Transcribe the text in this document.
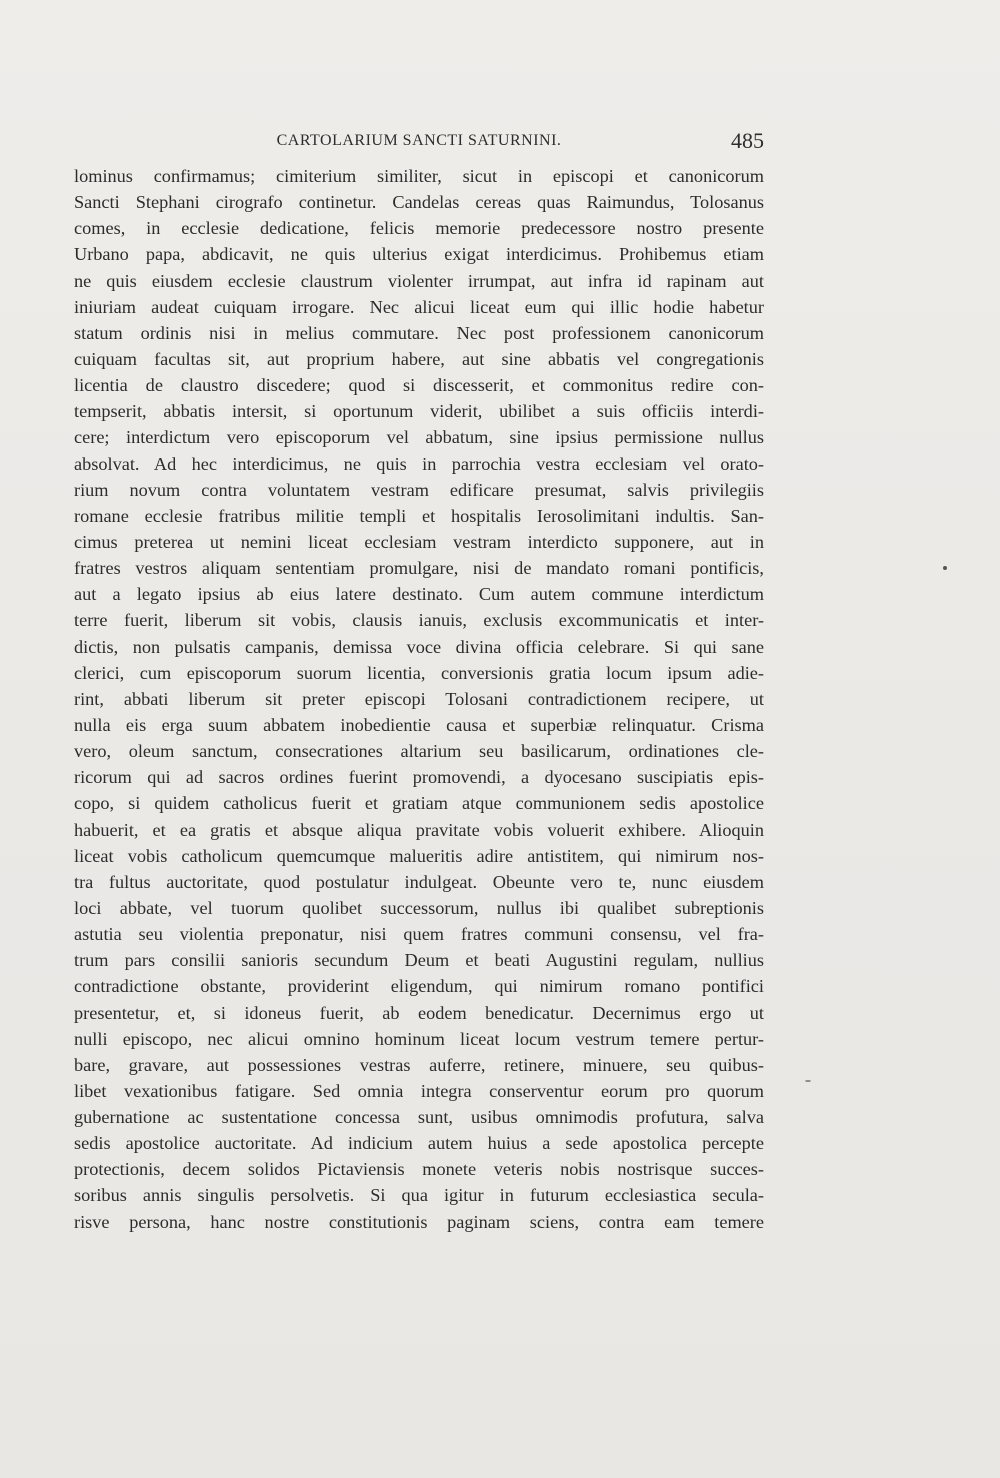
CARTOLARIUM SANCTI SATURNINI.	485
lominus confirmamus; cimiterium similiter, sicut in episcopi et canonicorum
Sancti Stephani cirografo continetur. Candelas cereas quas Raimundus, Tolosanus
comes, in ecclesie dedicatione, felicis memorie predecessore nostro presente
Urbano papa, abdicavit, ne quis ulterius exigat interdicimus. Prohibemus etiam
ne quis eiusdem ecclesie claustrum violenter irrumpat, aut infra id rapinam aut
iniuriam audeat cuiquam irrogare. Nec alicui liceat eum qui illic hodie habetur
statum ordinis nisi in melius commutare. Nec post professionem canonicorum
cuiquam facultas sit, aut proprium habere, aut sine abbatis vel congregationis
licentia de claustro discedere; quod si discesserit, et commonitus redire con-
tempserit, abbatis intersit, si oportunum viderit, ubilibet a suis officiis interdi-
cere; interdictum vero episcoporum vel abbatum, sine ipsius permissione nullus
absolvat. Ad hec interdicimus, ne quis in parrochia vestra ecclesiam vel orato-
rium novum contra voluntatem vestram edificare presumat, salvis privilegiis
romane ecclesie fratribus militie templi et hospitalis Ierosolimitani indultis. San-
cimus preterea ut nemini liceat ecclesiam vestram interdicto supponere, aut in
fratres vestros aliquam sententiam promulgare, nisi de mandato romani pontificis,
aut a legato ipsius ab eius latere destinato. Cum autem commune interdictum
terre fuerit, liberum sit vobis, clausis ianuis, exclusis excommunicatis et inter-
dictis, non pulsatis campanis, demissa voce divina officia celebrare. Si qui sane
clerici, cum episcoporum suorum licentia, conversionis gratia locum ipsum adie-
rint, abbati liberum sit preter episcopi Tolosani contradictionem recipere, ut
nulla eis erga suum abbatem inobedientie causa et superbiæ relinquatur. Crisma
vero, oleum sanctum, consecrationes altarium seu basilicarum, ordinationes cle-
ricorum qui ad sacros ordines fuerint promovendi, a dyocesano suscipiatis epis-
copo, si quidem catholicus fuerit et gratiam atque communionem sedis apostolice
habuerit, et ea gratis et absque aliqua pravitate vobis voluerit exhibere. Alioquin
liceat vobis catholicum quemcumque malueritis adire antistitem, qui nimirum nos-
tra fultus auctoritate, quod postulatur indulgeat. Obeunte vero te, nunc eiusdem
loci abbate, vel tuorum quolibet successorum, nullus ibi qualibet subreptionis
astutia seu violentia preponatur, nisi quem fratres communi consensu, vel fra-
trum pars consilii sanioris secundum Deum et beati Augustini regulam, nullius
contradictione obstante, providerint eligendum, qui nimirum romano pontifici
presentetur, et, si idoneus fuerit, ab eodem benedicatur. Decernimus ergo ut
nulli episcopo, nec alicui omnino hominum liceat locum vestrum temere pertur-
bare, gravare, aut possessiones vestras auferre, retinere, minuere, seu quibus-
libet vexationibus fatigare. Sed omnia integra conserventur eorum pro quorum
gubernatione ac sustentatione concessa sunt, usibus omnimodis profutura, salva
sedis apostolice auctoritate. Ad indicium autem huius a sede apostolica percepte
protectionis, decem solidos Pictaviensis monete veteris nobis nostrisque succes-
soribus annis singulis persolvetis. Si qua igitur in futurum ecclesiastica secula-
risve persona, hanc nostre constitutionis paginam sciens, contra eam temere
